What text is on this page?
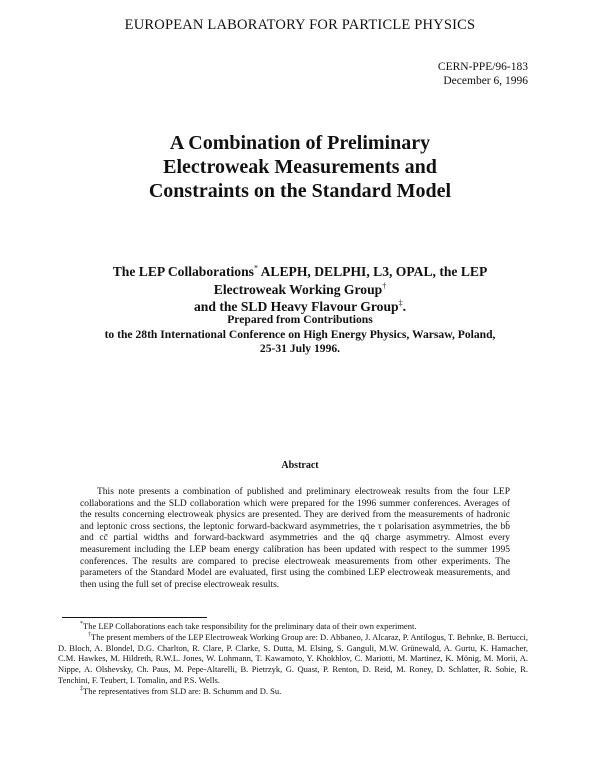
EUROPEAN LABORATORY FOR PARTICLE PHYSICS
CERN-PPE/96-183
December 6, 1996
A Combination of Preliminary
Electroweak Measurements and
Constraints on the Standard Model
The LEP Collaborations* ALEPH, DELPHI, L3, OPAL, the LEP
Electroweak Working Group†
and the SLD Heavy Flavour Group‡.
Prepared from Contributions
to the 28th International Conference on High Energy Physics, Warsaw, Poland,
25-31 July 1996.
Abstract
This note presents a combination of published and preliminary electroweak results from the four LEP collaborations and the SLD collaboration which were prepared for the 1996 summer conferences. Averages of the results concerning electroweak physics are presented. They are derived from the measurements of hadronic and leptonic cross sections, the leptonic forward-backward asymmetries, the τ polarisation asymmetries, the bb̄ and cc̄ partial widths and forward-backward asymmetries and the qq̄ charge asymmetry. Almost every measurement including the LEP beam energy calibration has been updated with respect to the summer 1995 conferences. The results are compared to precise electroweak measurements from other experiments. The parameters of the Standard Model are evaluated, first using the combined LEP electroweak measurements, and then using the full set of precise electroweak results.
*The LEP Collaborations each take responsibility for the preliminary data of their own experiment.
†The present members of the LEP Electroweak Working Group are: D. Abbaneo, J. Alcaraz, P. Antilogus, T. Behnke, B. Bertucci, D. Bloch, A. Blondel, D.G. Charlton, R. Clare, P. Clarke, S. Dutta, M. Elsing, S. Ganguli, M.W. Grünewald, A. Gurtu, K. Hamacher, C.M. Hawkes, M. Hildreth, R.W.L. Jones, W. Lohmann, T. Kawamoto, Y. Khokhlov, C. Mariotti, M. Martinez, K. Mönig, M. Morii, A. Nippe, A. Olshevsky, Ch. Paus, M. Pepe-Altarelli, B. Pietrzyk, G. Quast, P. Renton, D. Reid, M. Roney, D. Schlatter, R. Sobie, R. Tenchini, F. Teubert, I. Tomalin, and P.S. Wells.
‡The representatives from SLD are: B. Schumm and D. Su.
